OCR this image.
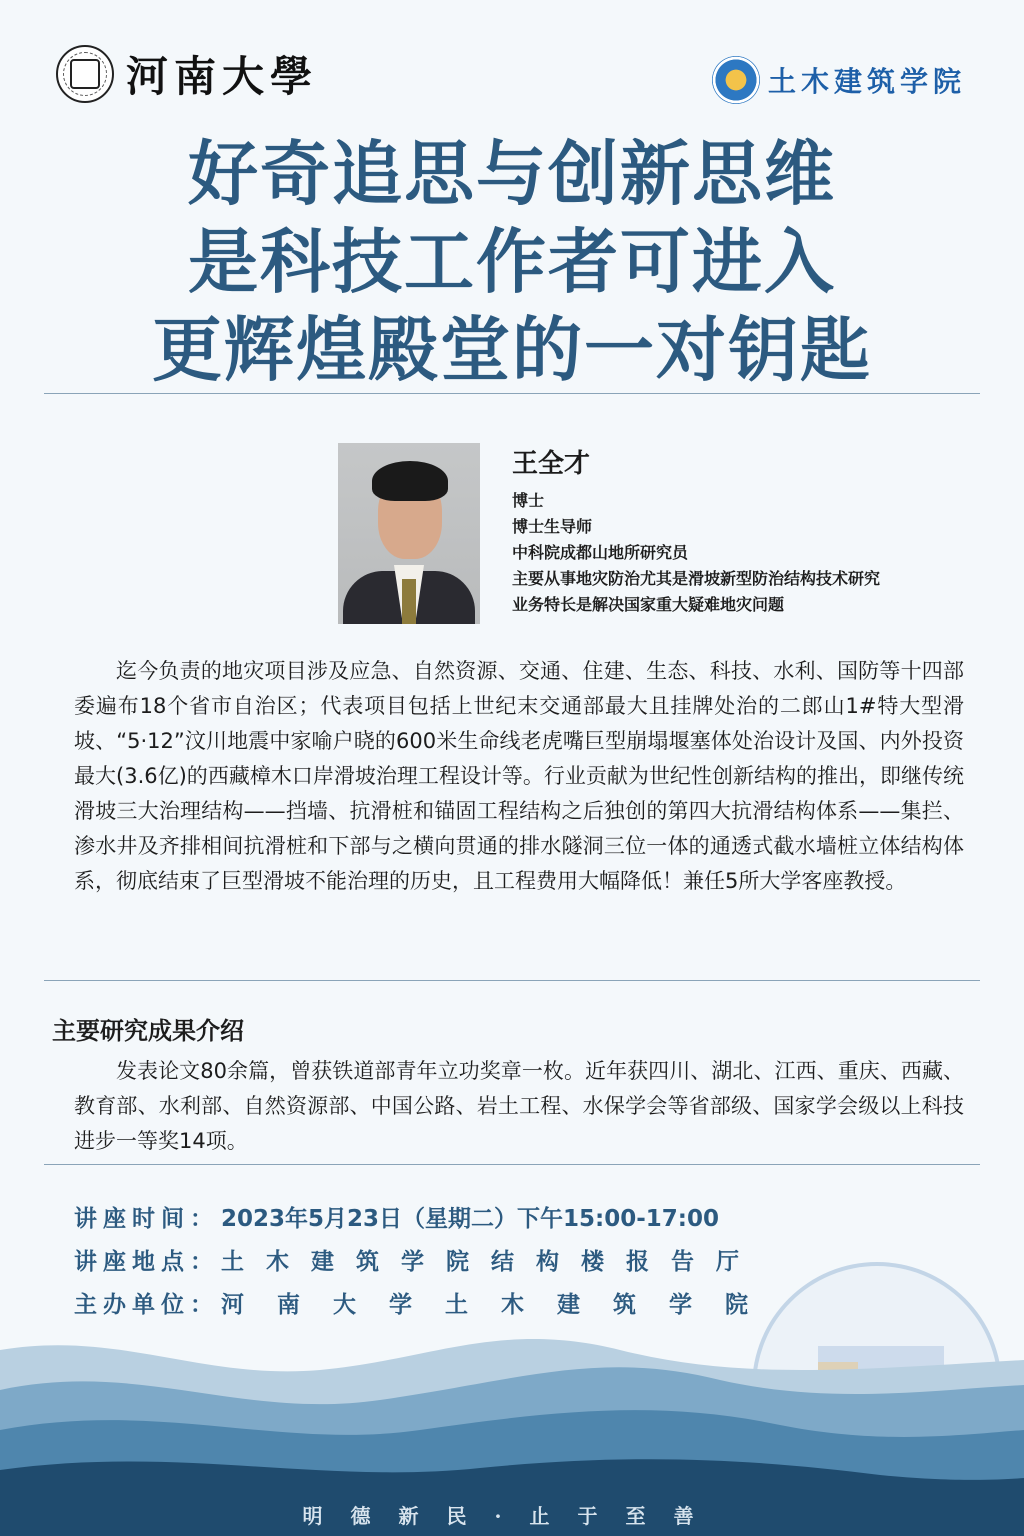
河南大學	土木建筑学院
好奇追思与创新思维
是科技工作者可进入
更辉煌殿堂的一对钥匙
王全才
博士
博士生导师
中科院成都山地所研究员
主要从事地灾防治尤其是滑坡新型防治结构技术研究
业务特长是解决国家重大疑难地灾问题
迄今负责的地灾项目涉及应急、自然资源、交通、住建、生态、科技、水利、国防等十四部委遍布18个省市自治区；代表项目包括上世纪末交通部最大且挂牌处治的二郎山1#特大型滑坡、“5·12”汶川地震中家喻户晓的600米生命线老虎嘴巨型崩塌堰塞体处治设计及国、内外投资最大(3.6亿)的西藏樟木口岸滑坡治理工程设计等。行业贡献为世纪性创新结构的推出，即继传统滑坡三大治理结构——挡墙、抗滑桩和锚固工程结构之后独创的第四大抗滑结构体系——集拦、渗水井及齐排相间抗滑桩和下部与之横向贯通的排水隧洞三位一体的通透式截水墙桩立体结构体系，彻底结束了巨型滑坡不能治理的历史，且工程费用大幅降低！兼任5所大学客座教授。
主要研究成果介绍
发表论文80余篇，曾获铁道部青年立功奖章一枚。近年获四川、湖北、江西、重庆、西藏、教育部、水利部、自然资源部、中国公路、岩土工程、水保学会等省部级、国家学会级以上科技进步一等奖14项。
讲座时间： 2023年5月23日（星期二）下午15:00-17:00
讲座地点： 土木建筑学院结构楼报告厅
主办单位： 河南大学土木建筑学院
明德新民·止于至善
